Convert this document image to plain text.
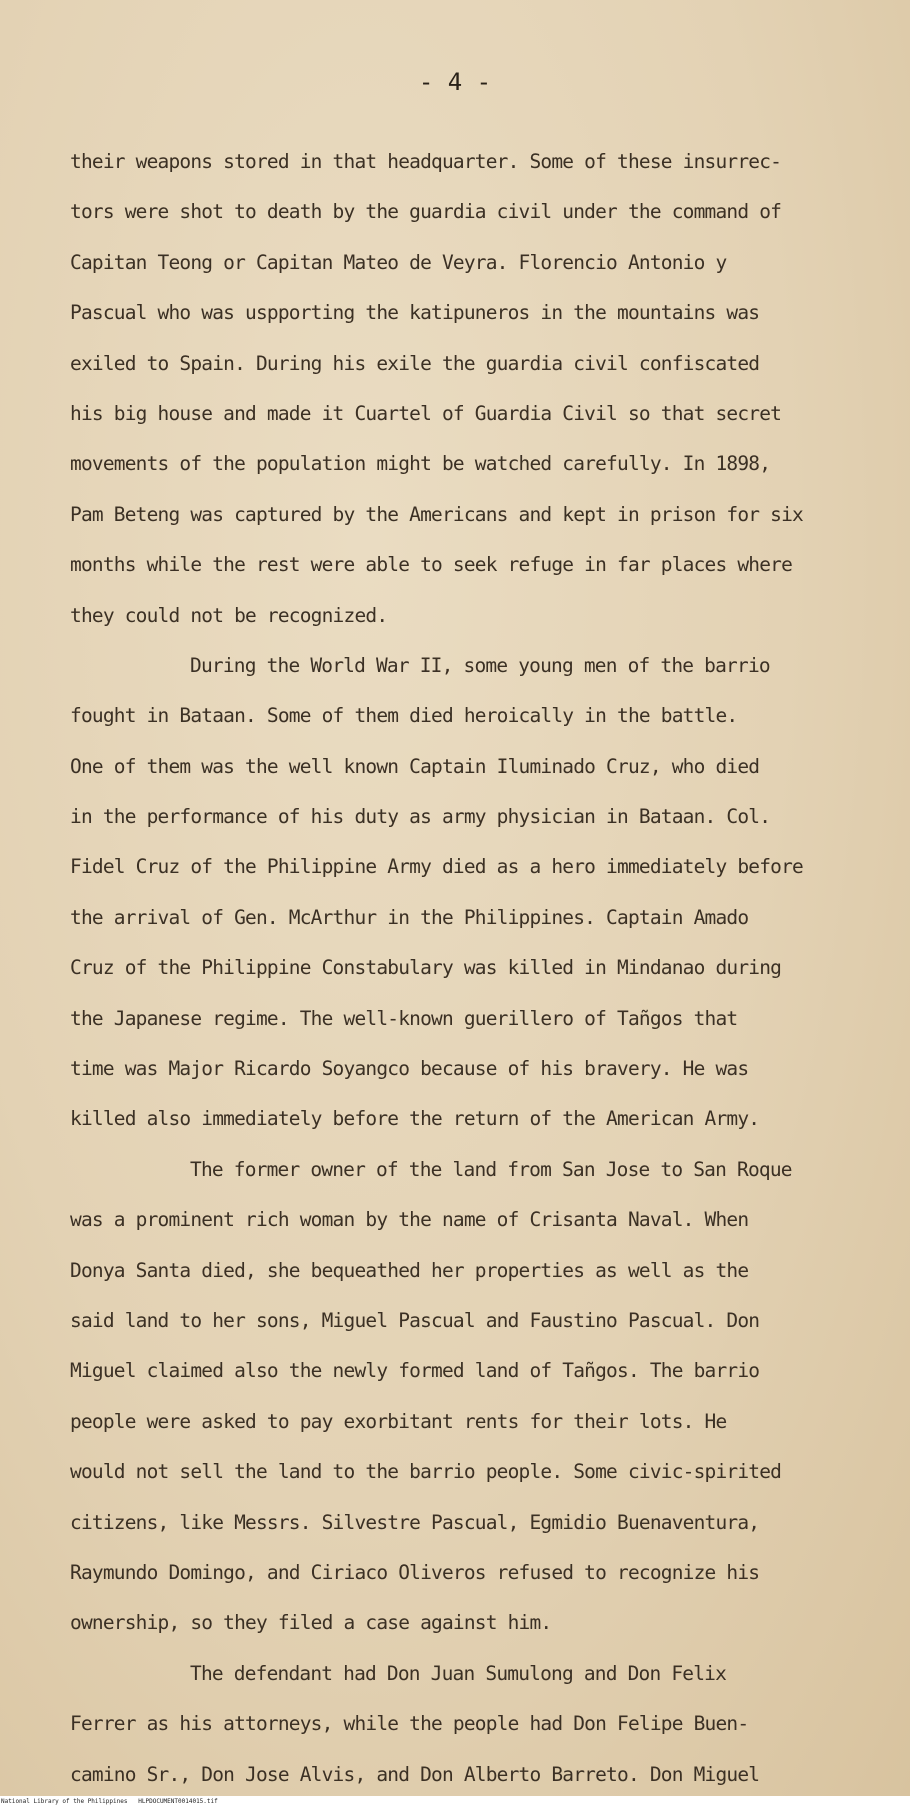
- 4 -
their weapons stored in that headquarter. Some of these insurrec-
tors were shot to death by the guardia civil under the command of
Capitan Teong or Capitan Mateo de Veyra. Florencio Antonio y
Pascual who was uspporting the katipuneros in the mountains was
exiled to Spain. During his exile the guardia civil confiscated
his big house and made it Cuartel of Guardia Civil so that secret
movements of the population might be watched carefully. In 1898,
Pam Beteng was captured by the Americans and kept in prison for six
months while the rest were able to seek refuge in far places where
they could not be recognized.
During the World War II, some young men of the barrio
fought in Bataan. Some of them died heroically in the battle.
One of them was the well known Captain Iluminado Cruz, who died
in the performance of his duty as army physician in Bataan. Col.
Fidel Cruz of the Philippine Army died as a hero immediately before
the arrival of Gen. McArthur in the Philippines. Captain Amado
Cruz of the Philippine Constabulary was killed in Mindanao during
the Japanese regime. The well-known guerillero of Tañgos that
time was Major Ricardo Soyangco because of his bravery. He was
killed also immediately before the return of the American Army.
The former owner of the land from San Jose to San Roque
was a prominent rich woman by the name of Crisanta Naval. When
Donya Santa died, she bequeathed her properties as well as the
said land to her sons, Miguel Pascual and Faustino Pascual. Don
Miguel claimed also the newly formed land of Tañgos. The barrio
people were asked to pay exorbitant rents for their lots. He
would not sell the land to the barrio people. Some civic-spirited
citizens, like Messrs. Silvestre Pascual, Egmidio Buenaventura,
Raymundo Domingo, and Ciriaco Oliveros refused to recognize his
ownership, so they filed a case against him.
The defendant had Don Juan Sumulong and Don Felix
Ferrer as his attorneys, while the people had Don Felipe Buen-
camino Sr., Don Jose Alvis, and Don Alberto Barreto. Don Miguel
National Library of the Philippines   HLPDOCUMENT0014015.tif
